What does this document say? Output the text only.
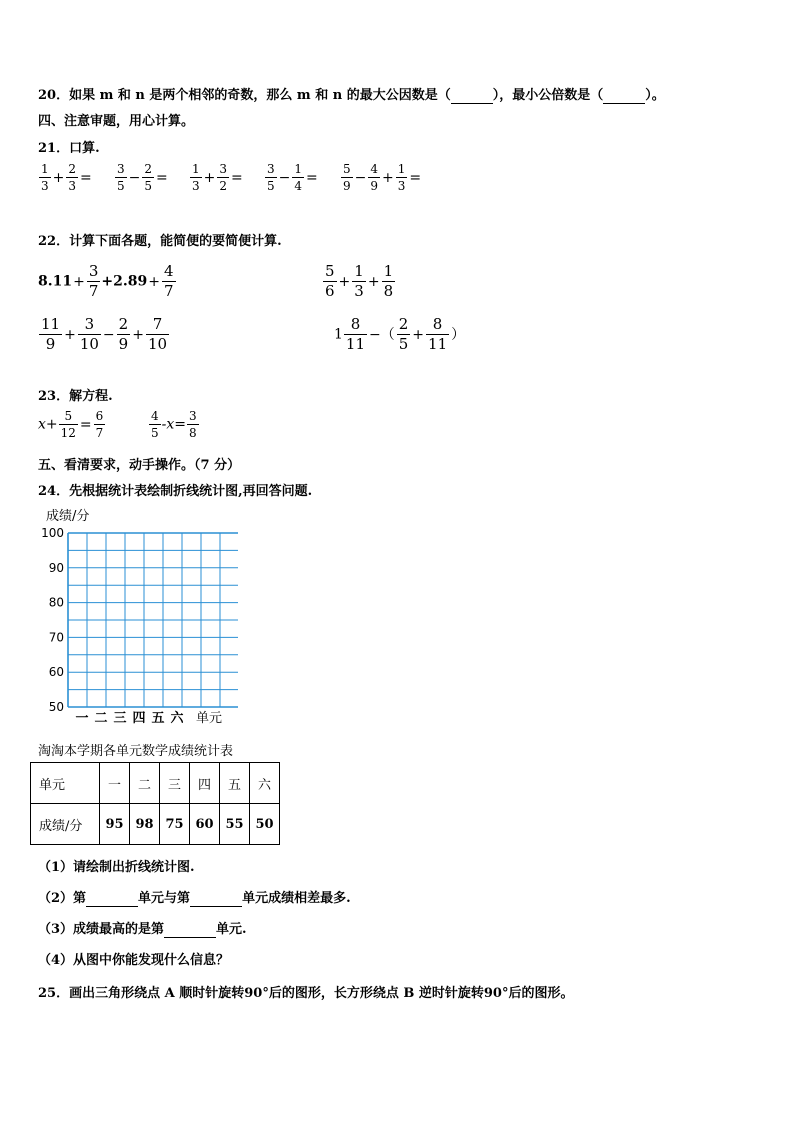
20．如果 m 和 n 是两个相邻的奇数，那么 m 和 n 的最大公因数是（	），最小公倍数是（	）。
四、注意审题，用心计算。
21．口算.
$\frac{1}{3} + \frac{2}{3} = \frac{3}{5} - \frac{2}{5} = \frac{1}{3} + \frac{3}{2} = \frac{3}{5} - \frac{1}{4} = \frac{5}{9} - \frac{4}{9} + \frac{1}{3}$ =
22．计算下面各题，能简便的要简便计算.
$8.11+ \frac{3}{7} +2.89+ \frac{4}{7}$	$\frac{5}{6} + \frac{1}{3} + \frac{1}{8}$
$\frac{11}{9} + \frac{3}{10} - \frac{2}{9} + \frac{7}{10}$	$1 \frac{8}{11}$ −（ $\frac{2}{5} + \frac{8}{11}$ ）
23．解方程.
$x+ \frac{5}{12} = \frac{6}{7}$	$\frac{4}{5} -x= \frac{3}{8}$
五、看清要求，动手操作。（7 分）
24．先根据统计表绘制折线统计图,再回答问题.
成绩/分
100
90
80
70
60
50
一 二 三 四 五 六 单元
淘淘本学期各单元数学成绩统计表
单元	一	二	三	四	五	六
成绩/分	95	98	75	60	55	50
（1）请绘制出折线统计图.
（2）第	单元与第	单元成绩相差最多.
（3）成绩最高的是第	单元.
（4）从图中你能发现什么信息？
25．画出三角形绕点 A 顺时针旋转90°后的图形，长方形绕点 B 逆时针旋转90°后的图形。
